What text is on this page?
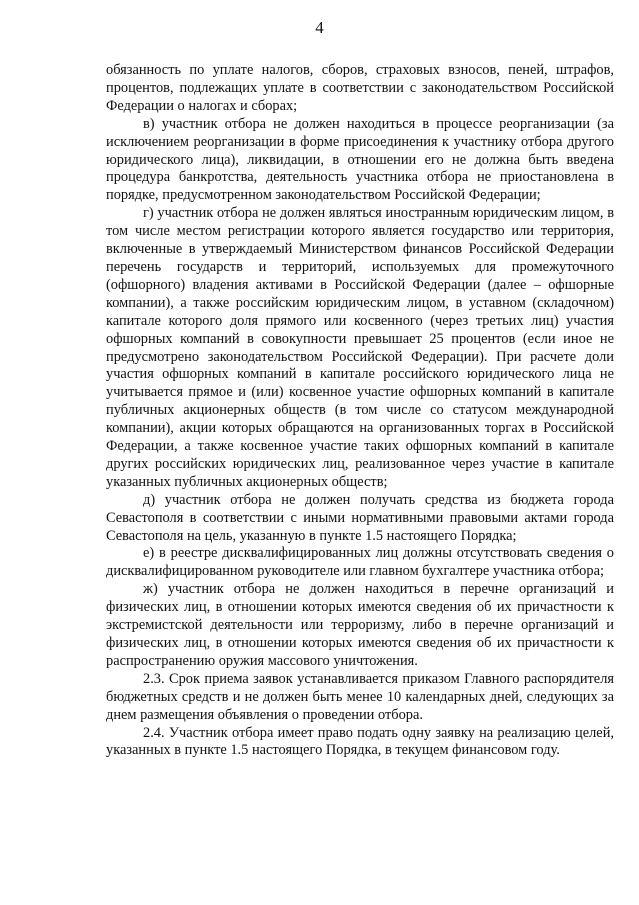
4

обязанность по уплате налогов, сборов, страховых взносов, пеней, штрафов, процентов, подлежащих уплате в соответствии с законодательством Российской Федерации о налогах и сборах;

в) участник отбора не должен находиться в процессе реорганизации (за исключением реорганизации в форме присоединения к участнику отбора другого юридического лица), ликвидации, в отношении его не должна быть введена процедура банкротства, деятельность участника отбора не приостановлена в порядке, предусмотренном законодательством Российской Федерации;

г) участник отбора не должен являться иностранным юридическим лицом, в том числе местом регистрации которого является государство или территория, включенные в утверждаемый Министерством финансов Российской Федерации перечень государств и территорий, используемых для промежуточного (офшорного) владения активами в Российской Федерации (далее – офшорные компании), а также российским юридическим лицом, в уставном (складочном) капитале которого доля прямого или косвенного (через третьих лиц) участия офшорных компаний в совокупности превышает 25 процентов (если иное не предусмотрено законодательством Российской Федерации). При расчете доли участия офшорных компаний в капитале российского юридического лица не учитывается прямое и (или) косвенное участие офшорных компаний в капитале публичных акционерных обществ (в том числе со статусом международной компании), акции которых обращаются на организованных торгах в Российской Федерации, а также косвенное участие таких офшорных компаний в капитале других российских юридических лиц, реализованное через участие в капитале указанных публичных акционерных обществ;

д) участник отбора не должен получать средства из бюджета города Севастополя в соответствии с иными нормативными правовыми актами города Севастополя на цель, указанную в пункте 1.5 настоящего Порядка;

е) в реестре дисквалифицированных лиц должны отсутствовать сведения о дисквалифицированном руководителе или главном бухгалтере участника отбора;

ж) участник отбора не должен находиться в перечне организаций и физических лиц, в отношении которых имеются сведения об их причастности к экстремистской деятельности или терроризму, либо в перечне организаций и физических лиц, в отношении которых имеются сведения об их причастности к распространению оружия массового уничтожения.

2.3. Срок приема заявок устанавливается приказом Главного распорядителя бюджетных средств и не должен быть менее 10 календарных дней, следующих за днем размещения объявления о проведении отбора.

2.4. Участник отбора имеет право подать одну заявку на реализацию целей, указанных в пункте 1.5 настоящего Порядка, в текущем финансовом году.
